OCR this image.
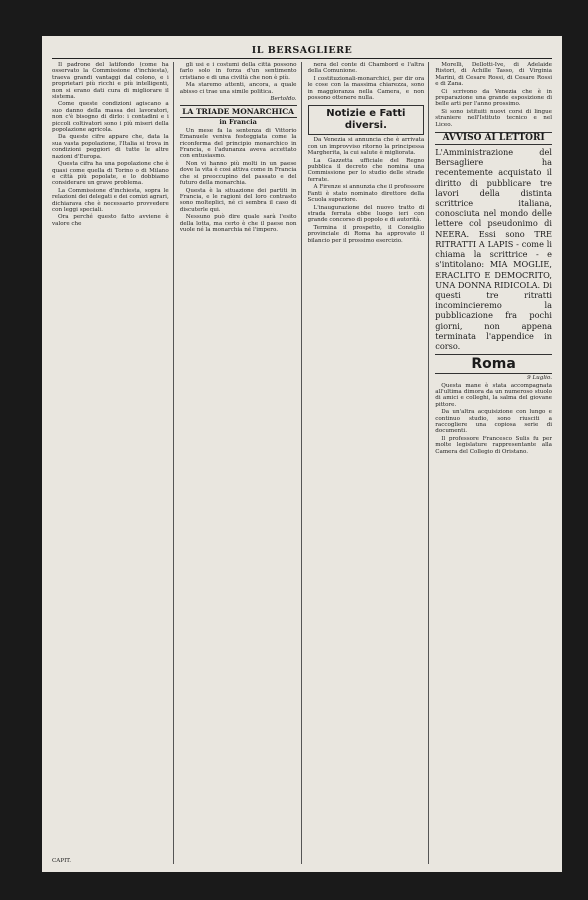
IL BERSAGLIERE

Il padrone del latifondo (come ha osservato la Commissione d'inchiesta), traeva grandi vantaggi dal colono, e i proprietari più ricchi e più intelligenti, non si erano dati cura di migliorare il sistema.

Come queste condizioni agiscano a suo danno della massa dei lavoratori, non c'è bisogno di dirlo: i contadini e i piccoli coltivatori sono i più miseri della popolazione agricola.

Da queste cifre appare che, data la sua vasta popolazione, l'Italia si trova in condizioni peggiori di tutte le altre nazioni d'Europa.

Questa cifra ha una popolazione che è quasi come quella di Torino o di Milano e città più popolate, e lo dobbiamo considerare un grave problema.

La Commissione d'inchiesta, sopra le relazioni dei delegati e dei comizi agrari, dichiarava che è necessario provvedere con leggi speciali.

Ora perché questo fatto avviene è valore che

CAPIT.

gli usi e i costumi della città possono farlo solo in forza d'un sentimento cristiano e di una civiltà che non è più.

Ma staremo attenti, ancora, a quale abisso ci trae una simile politica.

Bertoldo.
LA TRIADE MONARCHICA
in Francia

Un mese fa la sentenza di Vittorio Emanuele veniva festeggiata come la riconferma del principio monarchico in Francia, e l'adunanza aveva accettato con entusiasmo.

Non vi hanno più molti in un paese dove la vita è così attiva come in Francia che si preoccupino del passato e del futuro della monarchia.

Questa è la situazione dei partiti in Francia, e le ragioni del loro contrasto sono molteplici, né ci sembra il caso di discuterle qui.

Nessuno può dire quale sarà l'esito della lotta, ma certo è che il paese non vuole né la monarchia né l'impero.

nera del conte di Chambord e l'altra della Comunione.

I costituzionali-monarchici, per dir ora le cose con la massima chiarezza, sono in maggioranza nella Camera, e non possono ottenere nulla.

Notizie e Fatti diversi.

Da Venezia si annuncia che è arrivata con un improvviso ritorno la principessa Margherita, la cui salute è migliorata.

La Gazzetta ufficiale del Regno pubblica il decreto che nomina una Commissione per lo studio delle strade ferrate.

A Firenze si annunzia che il professore Fanti è stato nominato direttore della Scuola superiore.

L'inaugurazione del nuovo tratto di strada ferrata ebbe luogo ieri con grande concorso di popolo e di autorità.

Termina il prospetto, il Consiglio provinciale di Roma ha approvato il bilancio per il prossimo esercizio.

Morelli, Dellotti-Ive, di Adelaide Ristori, di Achille Tasso, di Virginia Marini, di Cesare Rossi, di Cesare Rossi e di Zana.

Ci scrivono da Venezia che è in preparazione una grande esposizione di belle arti per l'anno prossimo.

Si sono istituiti nuovi corsi di lingue straniere nell'Istituto tecnico e nel Liceo.

AVVISO AI LETTORI
L'Amministrazione del Bersagliere ha recentemente acquistato il diritto di pubblicare tre lavori della distinta scrittrice italiana, conosciuta nel mondo delle lettere col pseudonimo di NEERA. Essi sono TRE RITRATTI A LAPIS - come li chiama la scrittrice - e s'intitolano: MIA MOGLIE, ERACLITO E DEMOCRITO, UNA DONNA RIDICOLA. Di questi tre ritratti incomincieremo la pubblicazione fra pochi giorni, non appena terminata l'appendice in corso.
Roma
9 Luglio.

Questa mane è stata accompagnata all'ultima dimora da un numeroso stuolo di amici e colleghi, la salma del giovane pittore.

Da un'altra acquisizione con lungo e continuo studio, sono riusciti a raccogliere una copiosa serie di documenti.

Il professore Francesco Sulis fu per molte legislature rappresentante alla Camera del Collegio di Oristano.
